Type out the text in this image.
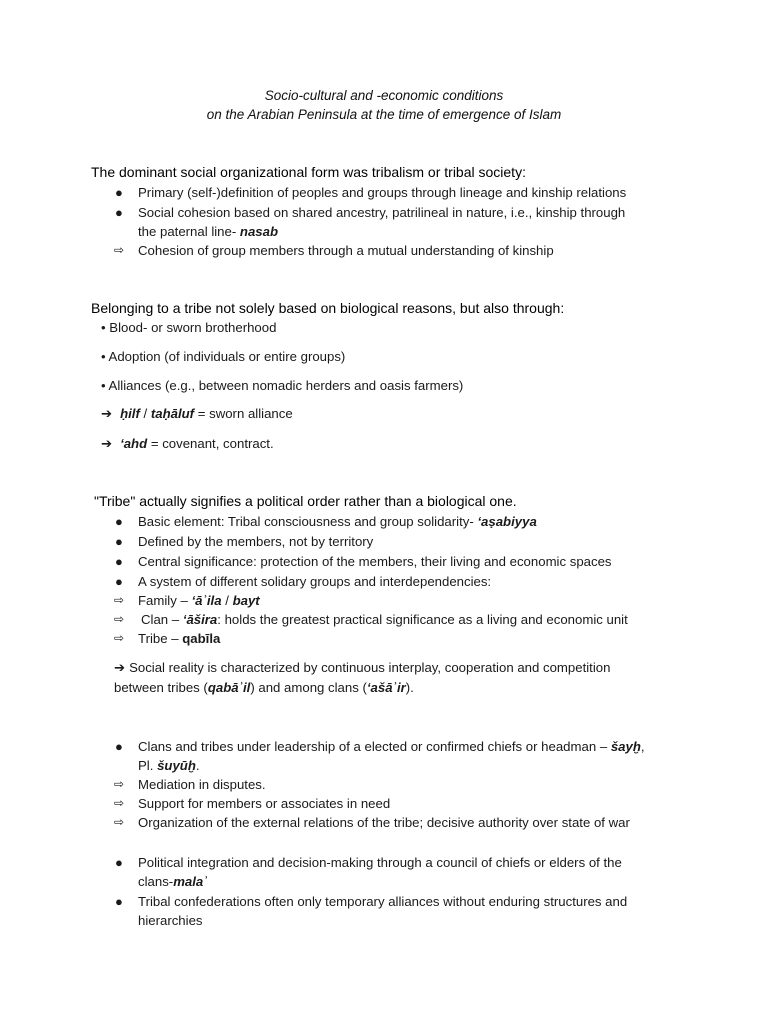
Socio-cultural and -economic conditions
on the Arabian Peninsula at the time of emergence of Islam
The dominant social organizational form was tribalism or tribal society:
● Primary (self-)definition of peoples and groups through lineage and kinship relations
● Social cohesion based on shared ancestry, patrilineal in nature, i.e., kinship through
the paternal line- nasab
⇨ Cohesion of group members through a mutual understanding of kinship
Belonging to a tribe not solely based on biological reasons, but also through:
• Blood- or sworn brotherhood
• Adoption (of individuals or entire groups)
• Alliances (e.g., between nomadic herders and oasis farmers)
➔ ḥilf / taḥāluf = sworn alliance
➔ ‘ahd = covenant, contract.
"Tribe" actually signifies a political order rather than a biological one.
● Basic element: Tribal consciousness and group solidarity- ‘aṣabiyya
● Defined by the members, not by territory
● Central significance: protection of the members, their living and economic spaces
● A system of different solidary groups and interdependencies:
⇨ Family – ‘āʾila / bayt
⇨ Clan – ‘āšira: holds the greatest practical significance as a living and economic unit
⇨ Tribe – qabīla
➔ Social reality is characterized by continuous interplay, cooperation and competition
between tribes (qabāʾil) and among clans (‘ašāʾir).
● Clans and tribes under leadership of a elected or confirmed chiefs or headman – šayḫ,
Pl. šuyūḫ.
⇨ Mediation in disputes.
⇨ Support for members or associates in need
⇨ Organization of the external relations of the tribe; decisive authority over state of war
● Political integration and decision-making through a council of chiefs or elders of the
clans-malaʾ
● Tribal confederations often only temporary alliances without enduring structures and
hierarchies
